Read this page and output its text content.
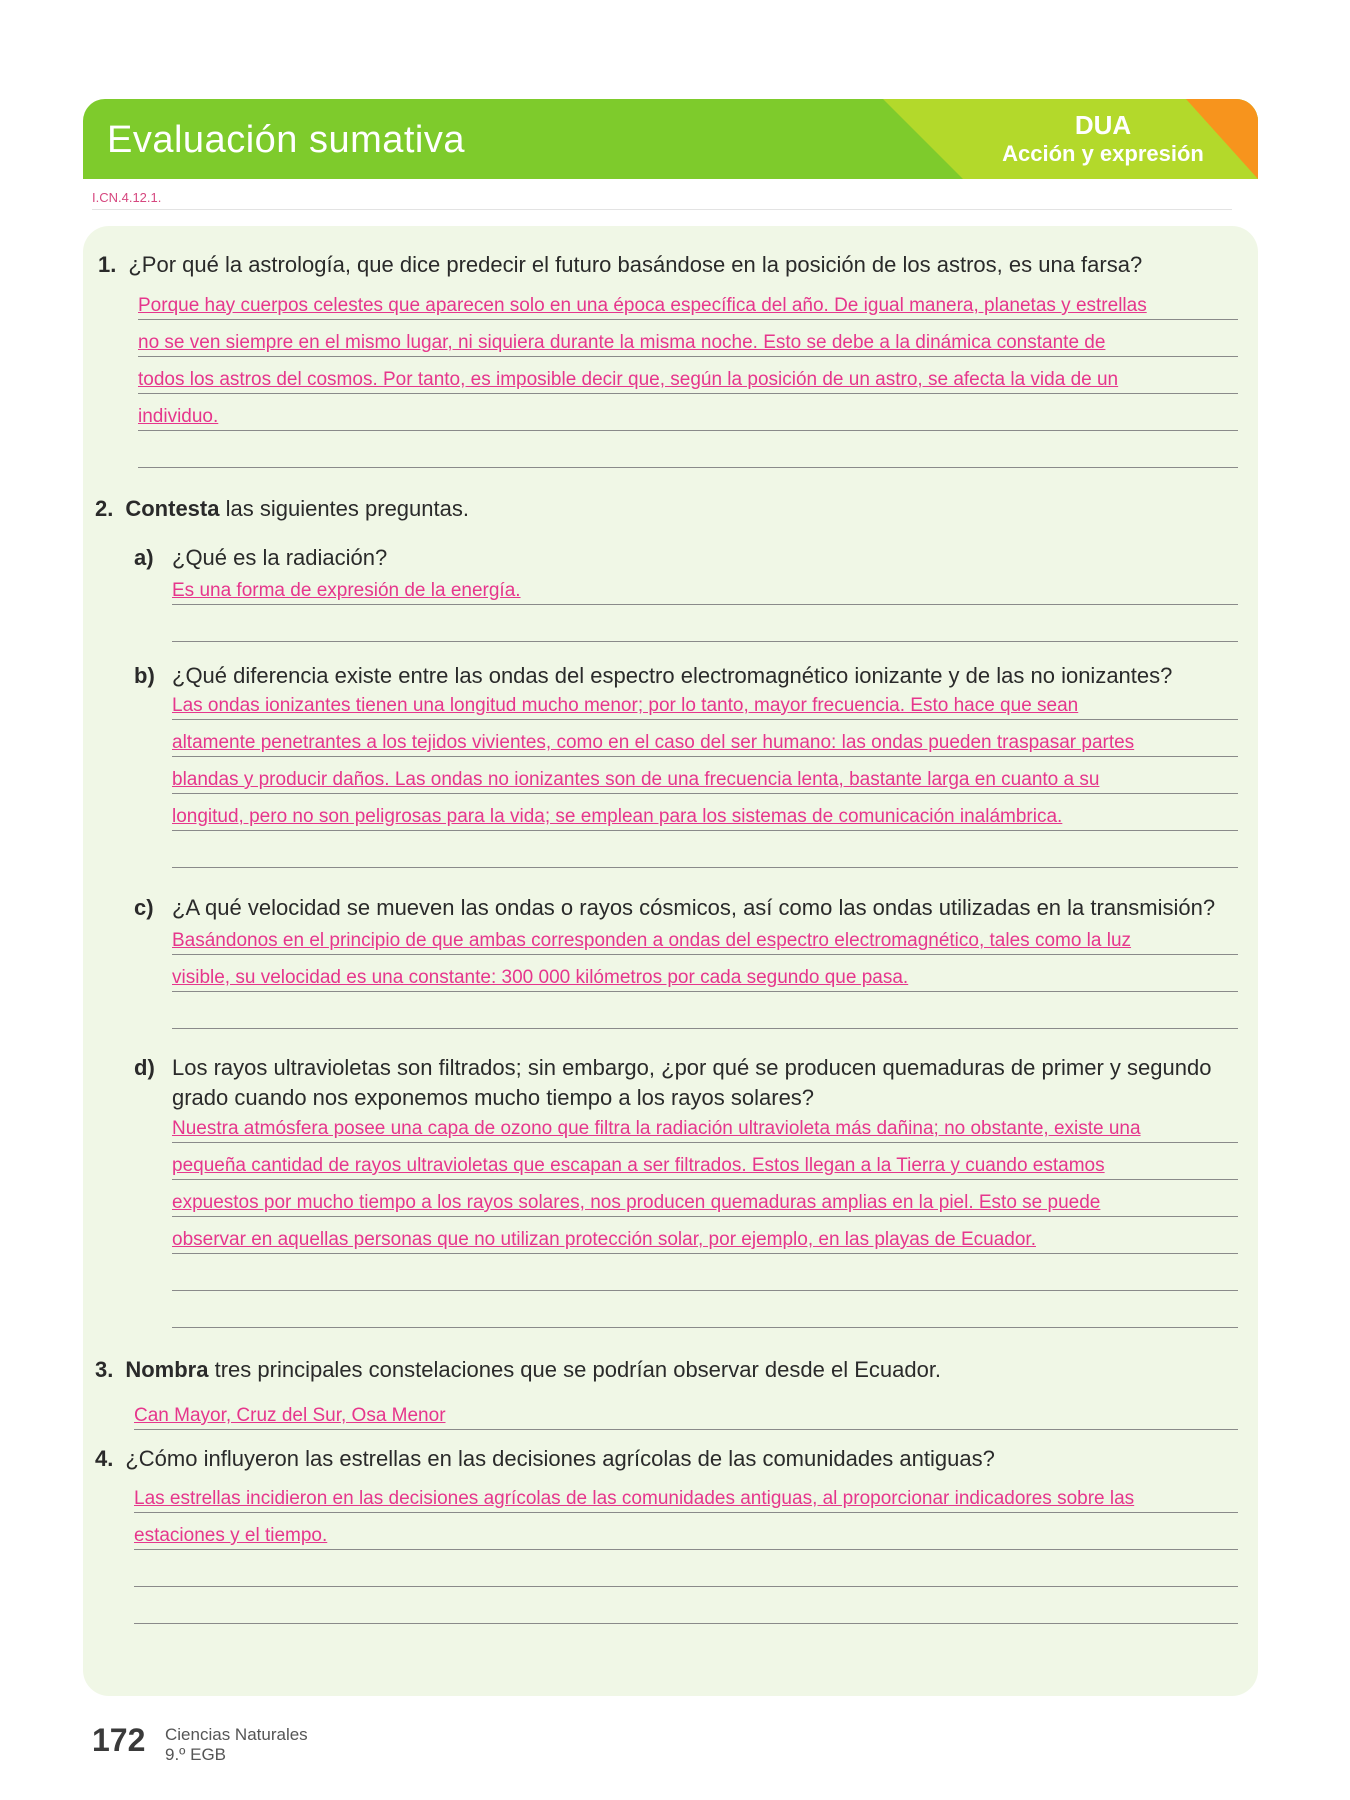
Evaluación sumativa	DUA
Acción y expresión
I.CN.4.12.1.
1. ¿Por qué la astrología, que dice predecir el futuro basándose en la posición de los astros, es una farsa?
Porque hay cuerpos celestes que aparecen solo en una época específica del año. De igual manera, planetas y estrellas
no se ven siempre en el mismo lugar, ni siquiera durante la misma noche. Esto se debe a la dinámica constante de
todos los astros del cosmos. Por tanto, es imposible decir que, según la posición de un astro, se afecta la vida de un
individuo.
2. Contesta las siguientes preguntas.
a) ¿Qué es la radiación?
Es una forma de expresión de la energía.
b) ¿Qué diferencia existe entre las ondas del espectro electromagnético ionizante y de las no ionizantes?
Las ondas ionizantes tienen una longitud mucho menor; por lo tanto, mayor frecuencia. Esto hace que sean
altamente penetrantes a los tejidos vivientes, como en el caso del ser humano: las ondas pueden traspasar partes
blandas y producir daños. Las ondas no ionizantes son de una frecuencia lenta, bastante larga en cuanto a su
longitud, pero no son peligrosas para la vida; se emplean para los sistemas de comunicación inalámbrica.
c) ¿A qué velocidad se mueven las ondas o rayos cósmicos, así como las ondas utilizadas en la transmisión?
Basándonos en el principio de que ambas corresponden a ondas del espectro electromagnético, tales como la luz
visible, su velocidad es una constante: 300 000 kilómetros por cada segundo que pasa.
d) Los rayos ultravioletas son filtrados; sin embargo, ¿por qué se producen quemaduras de primer y segundo
grado cuando nos exponemos mucho tiempo a los rayos solares?
Nuestra atmósfera posee una capa de ozono que filtra la radiación ultravioleta más dañina; no obstante, existe una
pequeña cantidad de rayos ultravioletas que escapan a ser filtrados. Estos llegan a la Tierra y cuando estamos
expuestos por mucho tiempo a los rayos solares, nos producen quemaduras amplias en la piel. Esto se puede
observar en aquellas personas que no utilizan protección solar, por ejemplo, en las playas de Ecuador.
3. Nombra tres principales constelaciones que se podrían observar desde el Ecuador.
Can Mayor, Cruz del Sur, Osa Menor
4. ¿Cómo influyeron las estrellas en las decisiones agrícolas de las comunidades antiguas?
Las estrellas incidieron en las decisiones agrícolas de las comunidades antiguas, al proporcionar indicadores sobre las
estaciones y el tiempo.
172 Ciencias Naturales
9.º EGB
